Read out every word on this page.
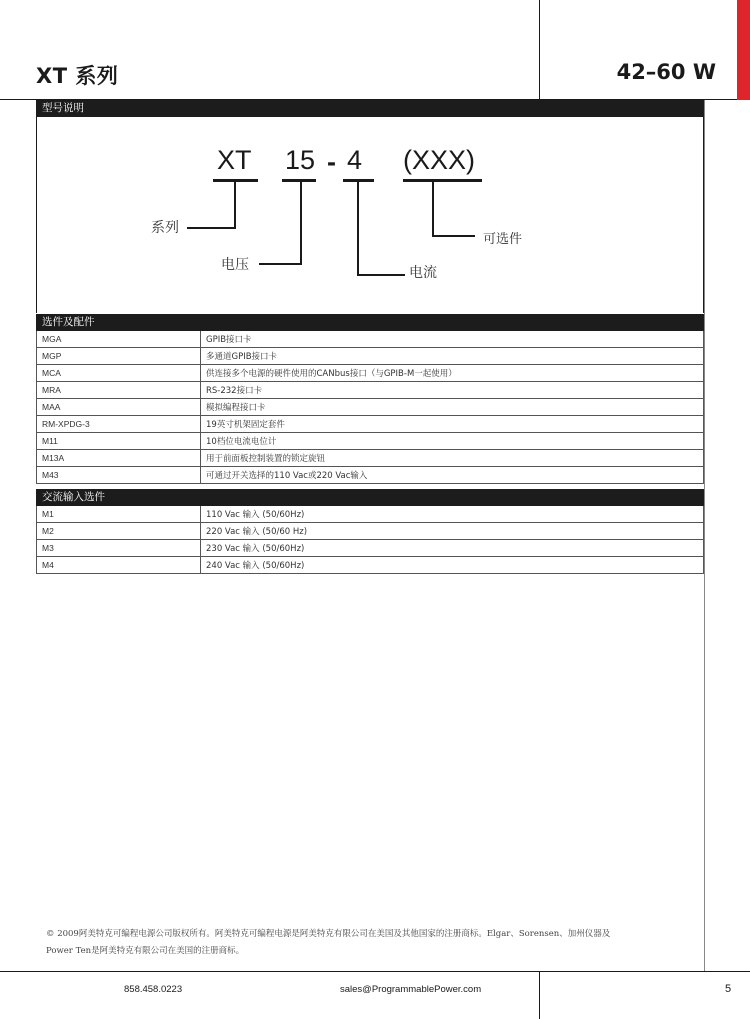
XT 系列	42–60 W
型号说明
XT 15 - 4 (XXX)
系列
电压	电流
可选件
选件及配件
MGA	GPIB接口卡
MGP	多通道GPIB接口卡
MCA	供连接多个电源的硬件使用的CANbus接口（与GPIB-M一起使用）
MRA	RS-232接口卡
MAA	模拟编程接口卡
RM-XPDG-3	19英寸机架固定套件
M11	10档位电流电位计
M13A	用于前面板控制装置的锁定旋钮
M43	可通过开关选择的110 Vac或220 Vac输入
交流输入选件
M1	110 Vac 输入 (50/60Hz)
M2	220 Vac 输入 (50/60 Hz)
M3	230 Vac 输入 (50/60Hz)
M4	240 Vac 输入 (50/60Hz)
© 2009阿美特克可编程电源公司版权所有。阿美特克可编程电源是阿美特克有限公司在美国及其他国家的注册商标。Elgar、Sorensen、加州仪器及
Power Ten是阿美特克有限公司在美国的注册商标。
858.458.0223	sales@ProgrammablePower.com	5
